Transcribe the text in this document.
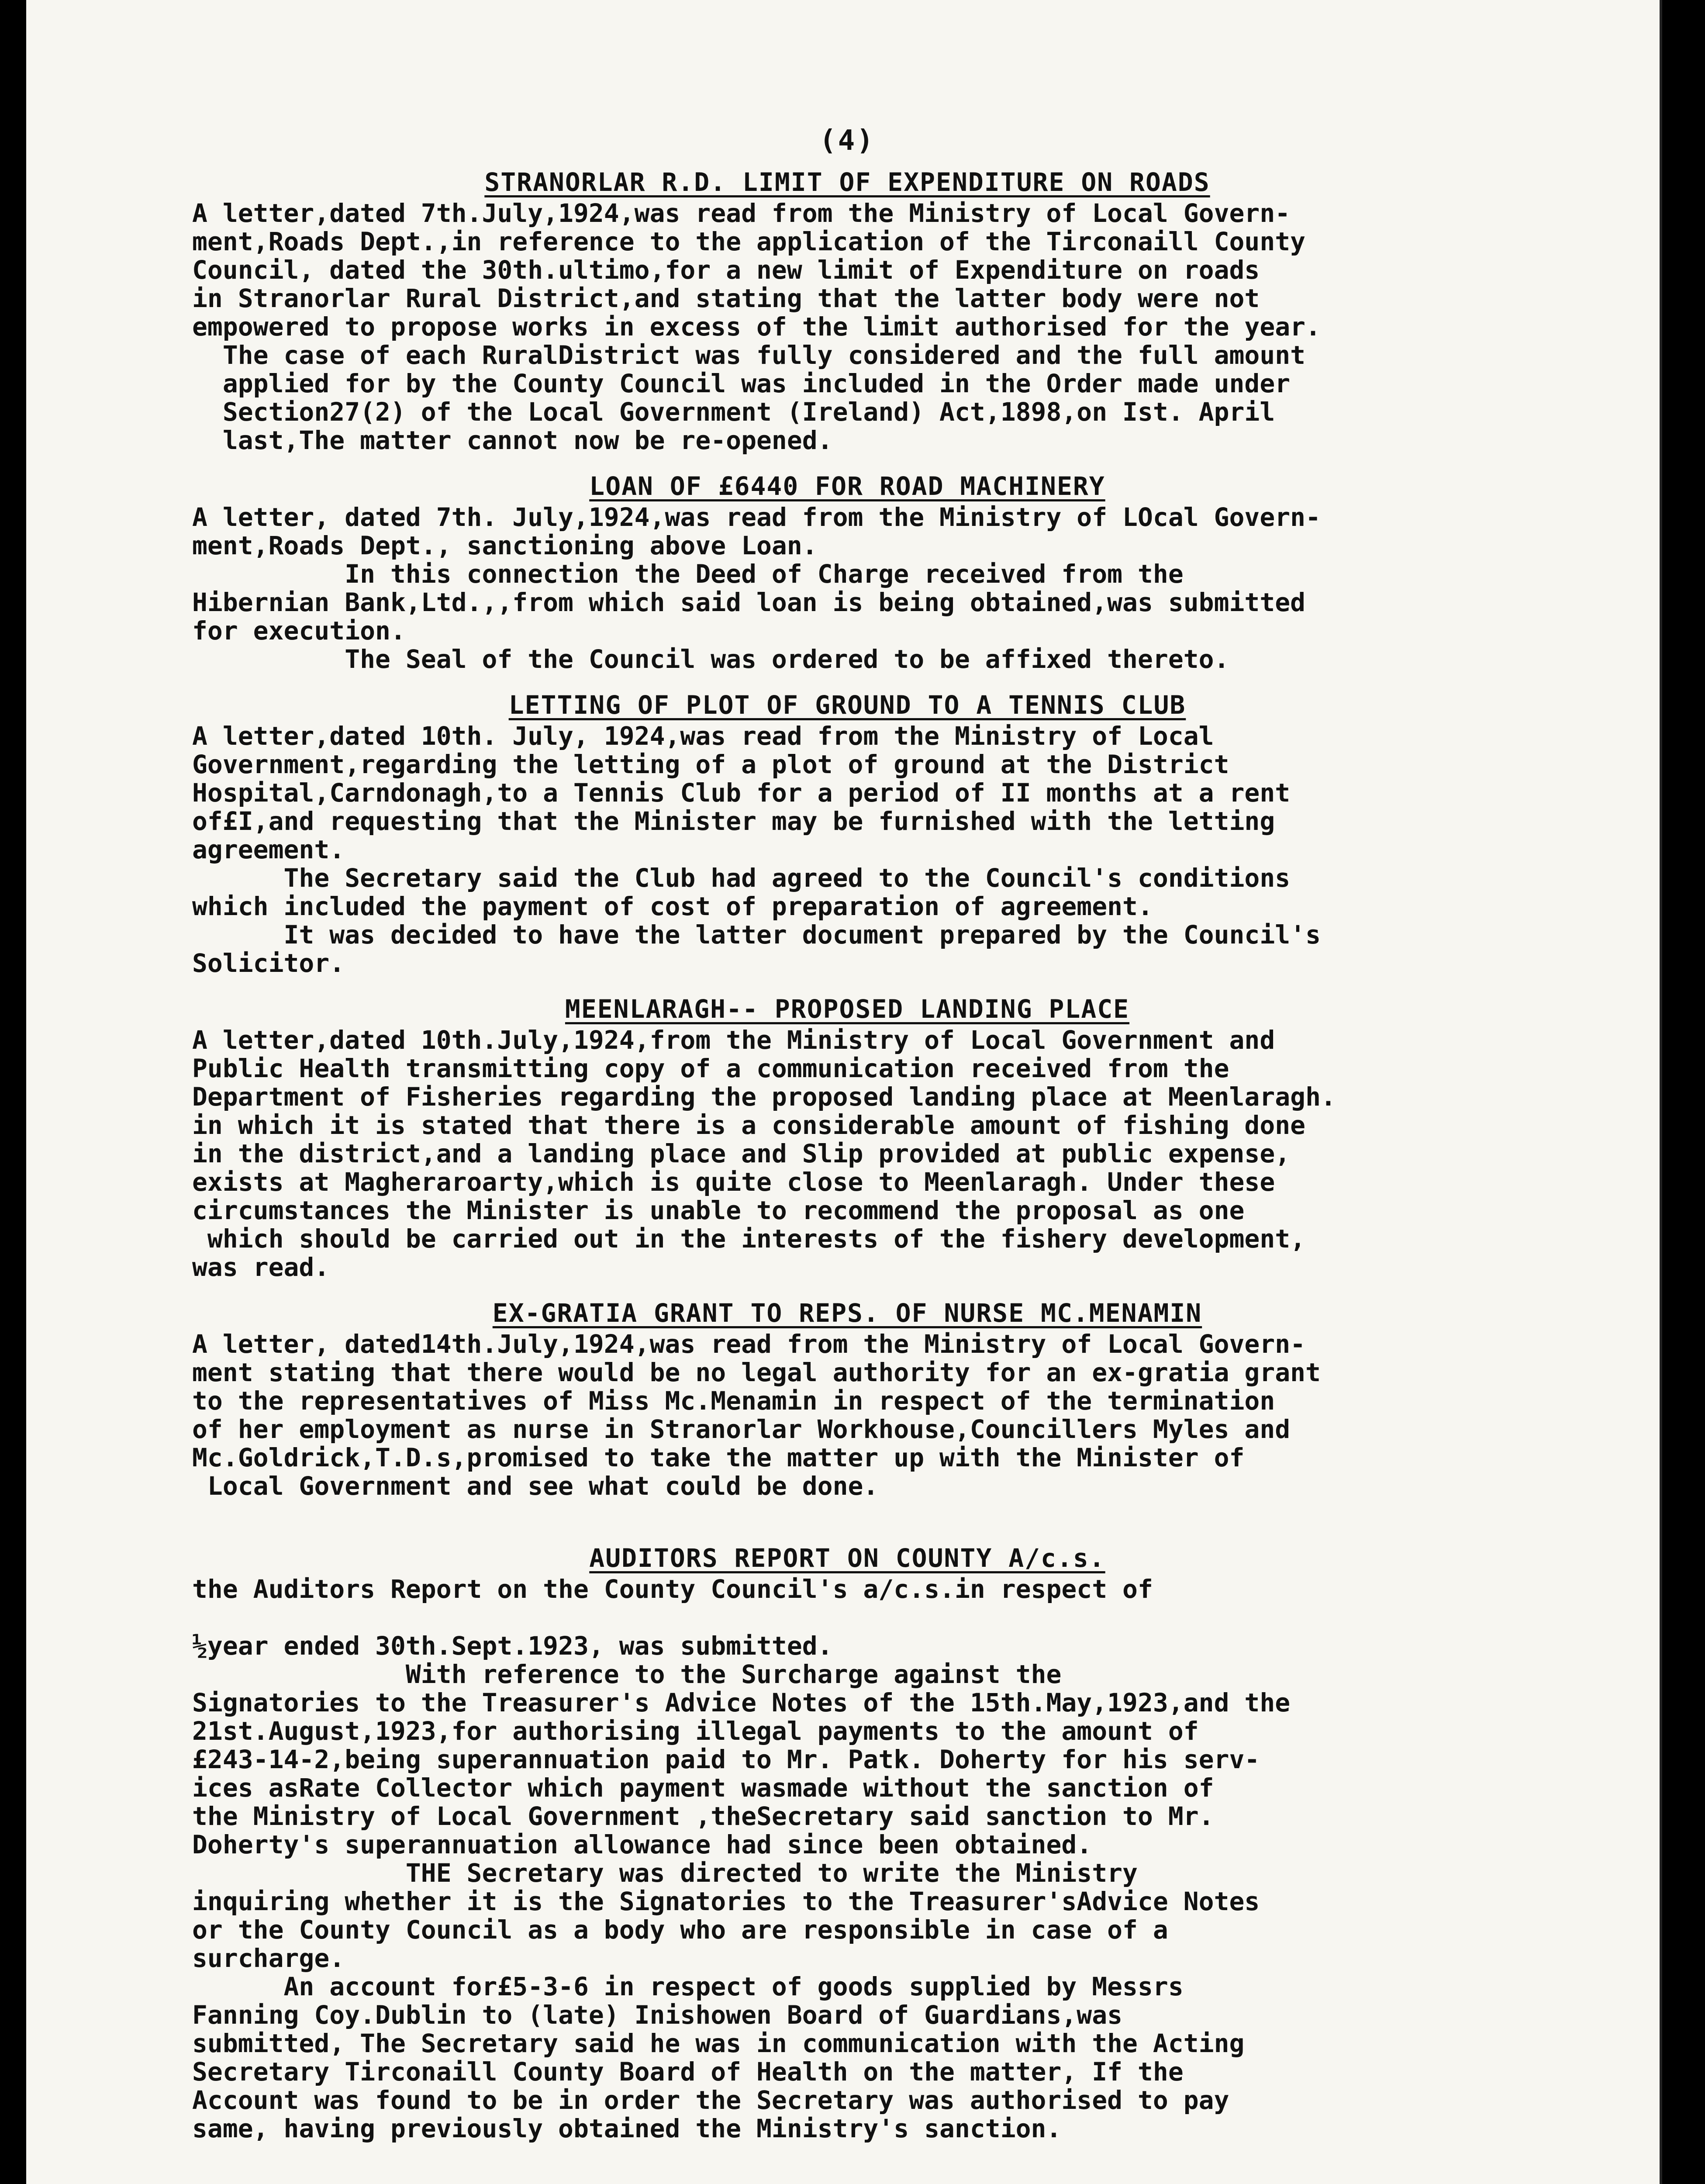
(4)
STRANORLAR R.D. LIMIT OF EXPENDITURE ON ROADS
A letter,dated 7th.July,1924,was read from the Ministry of Local Govern-
ment,Roads Dept.,in reference to the application of the Tirconaill County
Council, dated the 30th.ultimo,for a new limit of Expenditure on roads
in Stranorlar Rural District,and stating that the latter body were not
empowered to propose works in excess of the limit authorised for the year.
The case of each RuralDistrict was fully considered and the full amount
applied for by the County Council was included in the Order made under
Section27(2) of the Local Government (Ireland) Act,1898,on Ist. April
last,The matter cannot now be re-opened.
LOAN OF £6440 FOR ROAD MACHINERY
A letter, dated 7th. July,1924,was read from the Ministry of LOcal Govern-
ment,Roads Dept., sanctioning above Loan.
In this connection the Deed of Charge received from the
Hibernian Bank,Ltd.,,from which said loan is being obtained,was submitted
for execution.
The Seal of the Council was ordered to be affixed thereto.
LETTING OF PLOT OF GROUND TO A TENNIS CLUB
A letter,dated 10th. July, 1924,was read from the Ministry of Local
Government,regarding the letting of a plot of ground at the District
Hospital,Carndonagh,to a Tennis Club for a period of II months at a rent
of£I,and requesting that the Minister may be furnished with the letting
agreement.
The Secretary said the Club had agreed to the Council's conditions
which included the payment of cost of preparation of agreement.
It was decided to have the latter document prepared by the Council's
Solicitor.
MEENLARAGH-- PROPOSED LANDING PLACE
A letter,dated 10th.July,1924,from the Ministry of Local Government and
Public Health transmitting copy of a communication received from the
Department of Fisheries regarding the proposed landing place at Meenlaragh.
in which it is stated that there is a considerable amount of fishing done
in the district,and a landing place and Slip provided at public expense,
exists at Magheraroarty,which is quite close to Meenlaragh. Under these
circumstances the Minister is unable to recommend the proposal as one
which should be carried out in the interests of the fishery development,
was read.
EX-GRATIA GRANT TO REPS. OF NURSE MC.MENAMIN
A letter, dated14th.July,1924,was read from the Ministry of Local Govern-
ment stating that there would be no legal authority for an ex-gratia grant
to the representatives of Miss Mc.Menamin in respect of the termination
of her employment as nurse in Stranorlar Workhouse,Councillers Myles and
Mc.Goldrick,T.D.s,promised to take the matter up with the Minister of
Local Government and see what could be done.
AUDITORS REPORT ON COUNTY A/c.s.
the Auditors Report on the County Council's a/c.s.in respect of

½year ended 30th.Sept.1923, was submitted.
With reference to the Surcharge against the
Signatories to the Treasurer's Advice Notes of the 15th.May,1923,and the
21st.August,1923,for authorising illegal payments to the amount of
£243-14-2,being superannuation paid to Mr. Patk. Doherty for his serv-
ices asRate Collector which payment wasmade without the sanction of
the Ministry of Local Government ,theSecretary said sanction to Mr.
Doherty's superannuation allowance had since been obtained.
THE Secretary was directed to write the Ministry
inquiring whether it is the Signatories to the Treasurer'sAdvice Notes
or the County Council as a body who are responsible in case of a
surcharge.
An account for£5-3-6 in respect of goods supplied by Messrs
Fanning Coy.Dublin to (late) Inishowen Board of Guardians,was
submitted, The Secretary said he was in communication with the Acting
Secretary Tirconaill County Board of Health on the matter, If the
Account was found to be in order the Secretary was authorised to pay
same, having previously obtained the Ministry's sanction.
